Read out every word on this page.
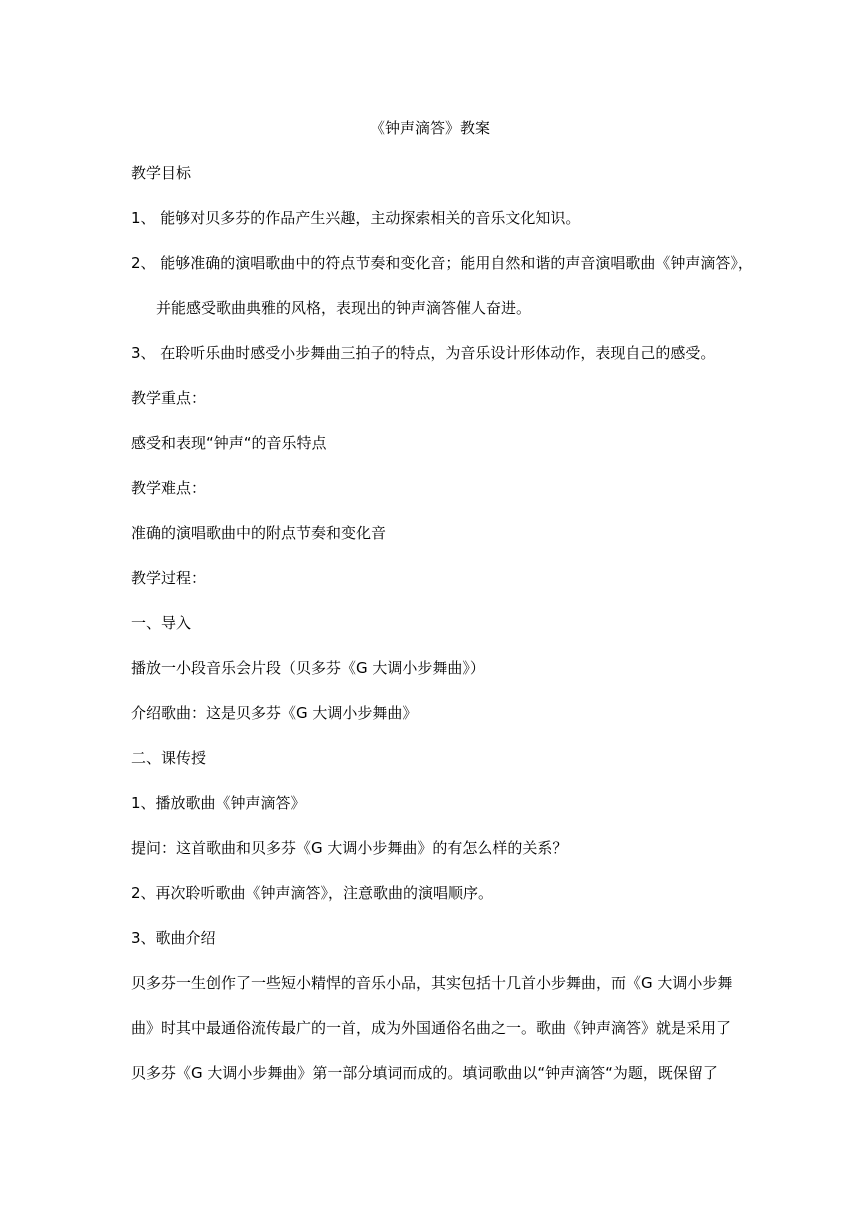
《钟声滴答》教案
教学目标
1、 能够对贝多芬的作品产生兴趣，主动探索相关的音乐文化知识。
2、 能够准确的演唱歌曲中的符点节奏和变化音；能用自然和谐的声音演唱歌曲《钟声滴答》，
并能感受歌曲典雅的风格，表现出的钟声滴答催人奋进。
3、 在聆听乐曲时感受小步舞曲三拍子的特点，为音乐设计形体动作，表现自己的感受。
教学重点：
感受和表现“钟声“的音乐特点
教学难点：
准确的演唱歌曲中的附点节奏和变化音
教学过程：
一、导入
播放一小段音乐会片段（贝多芬《G 大调小步舞曲》）
介绍歌曲：这是贝多芬《G 大调小步舞曲》
二、课传授
1、播放歌曲《钟声滴答》
提问：这首歌曲和贝多芬《G 大调小步舞曲》的有怎么样的关系？
2、再次聆听歌曲《钟声滴答》，注意歌曲的演唱顺序。
3、歌曲介绍
贝多芬一生创作了一些短小精悍的音乐小品，其实包括十几首小步舞曲，而《G 大调小步舞
曲》时其中最通俗流传最广的一首，成为外国通俗名曲之一。歌曲《钟声滴答》就是采用了
贝多芬《G 大调小步舞曲》第一部分填词而成的。填词歌曲以“钟声滴答“为题，既保留了
